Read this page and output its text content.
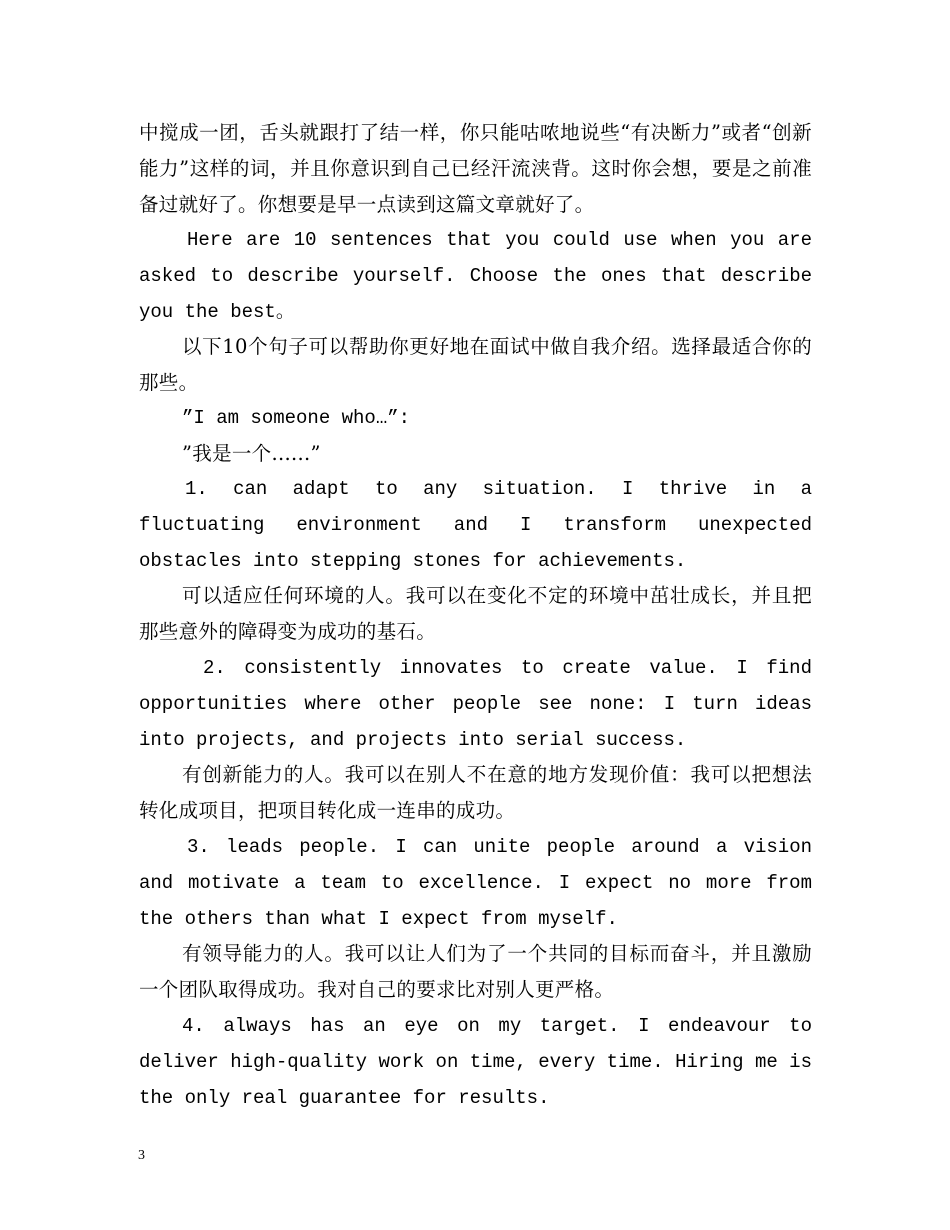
中搅成一团，舌头就跟打了结一样，你只能咕哝地说些“有决断力”或者“创新能力”这样的词，并且你意识到自己已经汗流浃背。这时你会想，要是之前准备过就好了。你想要是早一点读到这篇文章就好了。

Here are 10 sentences that you could use when you are asked to describe yourself. Choose the ones that describe you the best。

以下10个句子可以帮助你更好地在面试中做自我介绍。选择最适合你的那些。

”I am someone who…”:

”我是一个......”

1. can adapt to any situation. I thrive in a fluctuating environment and I transform unexpected obstacles into stepping stones for achievements.

可以适应任何环境的人。我可以在变化不定的环境中茁壮成长，并且把那些意外的障碍变为成功的基石。

2. consistently innovates to create value. I find opportunities where other people see none: I turn ideas into projects, and projects into serial success.

有创新能力的人。我可以在别人不在意的地方发现价值：我可以把想法转化成项目，把项目转化成一连串的成功。

3. leads people. I can unite people around a vision and motivate a team to excellence. I expect no more from the others than what I expect from myself.

有领导能力的人。我可以让人们为了一个共同的目标而奋斗，并且激励一个团队取得成功。我对自己的要求比对别人更严格。

4. always has an eye on my target. I endeavour to deliver high-quality work on time, every time. Hiring me is the only real guarantee for results.

3
